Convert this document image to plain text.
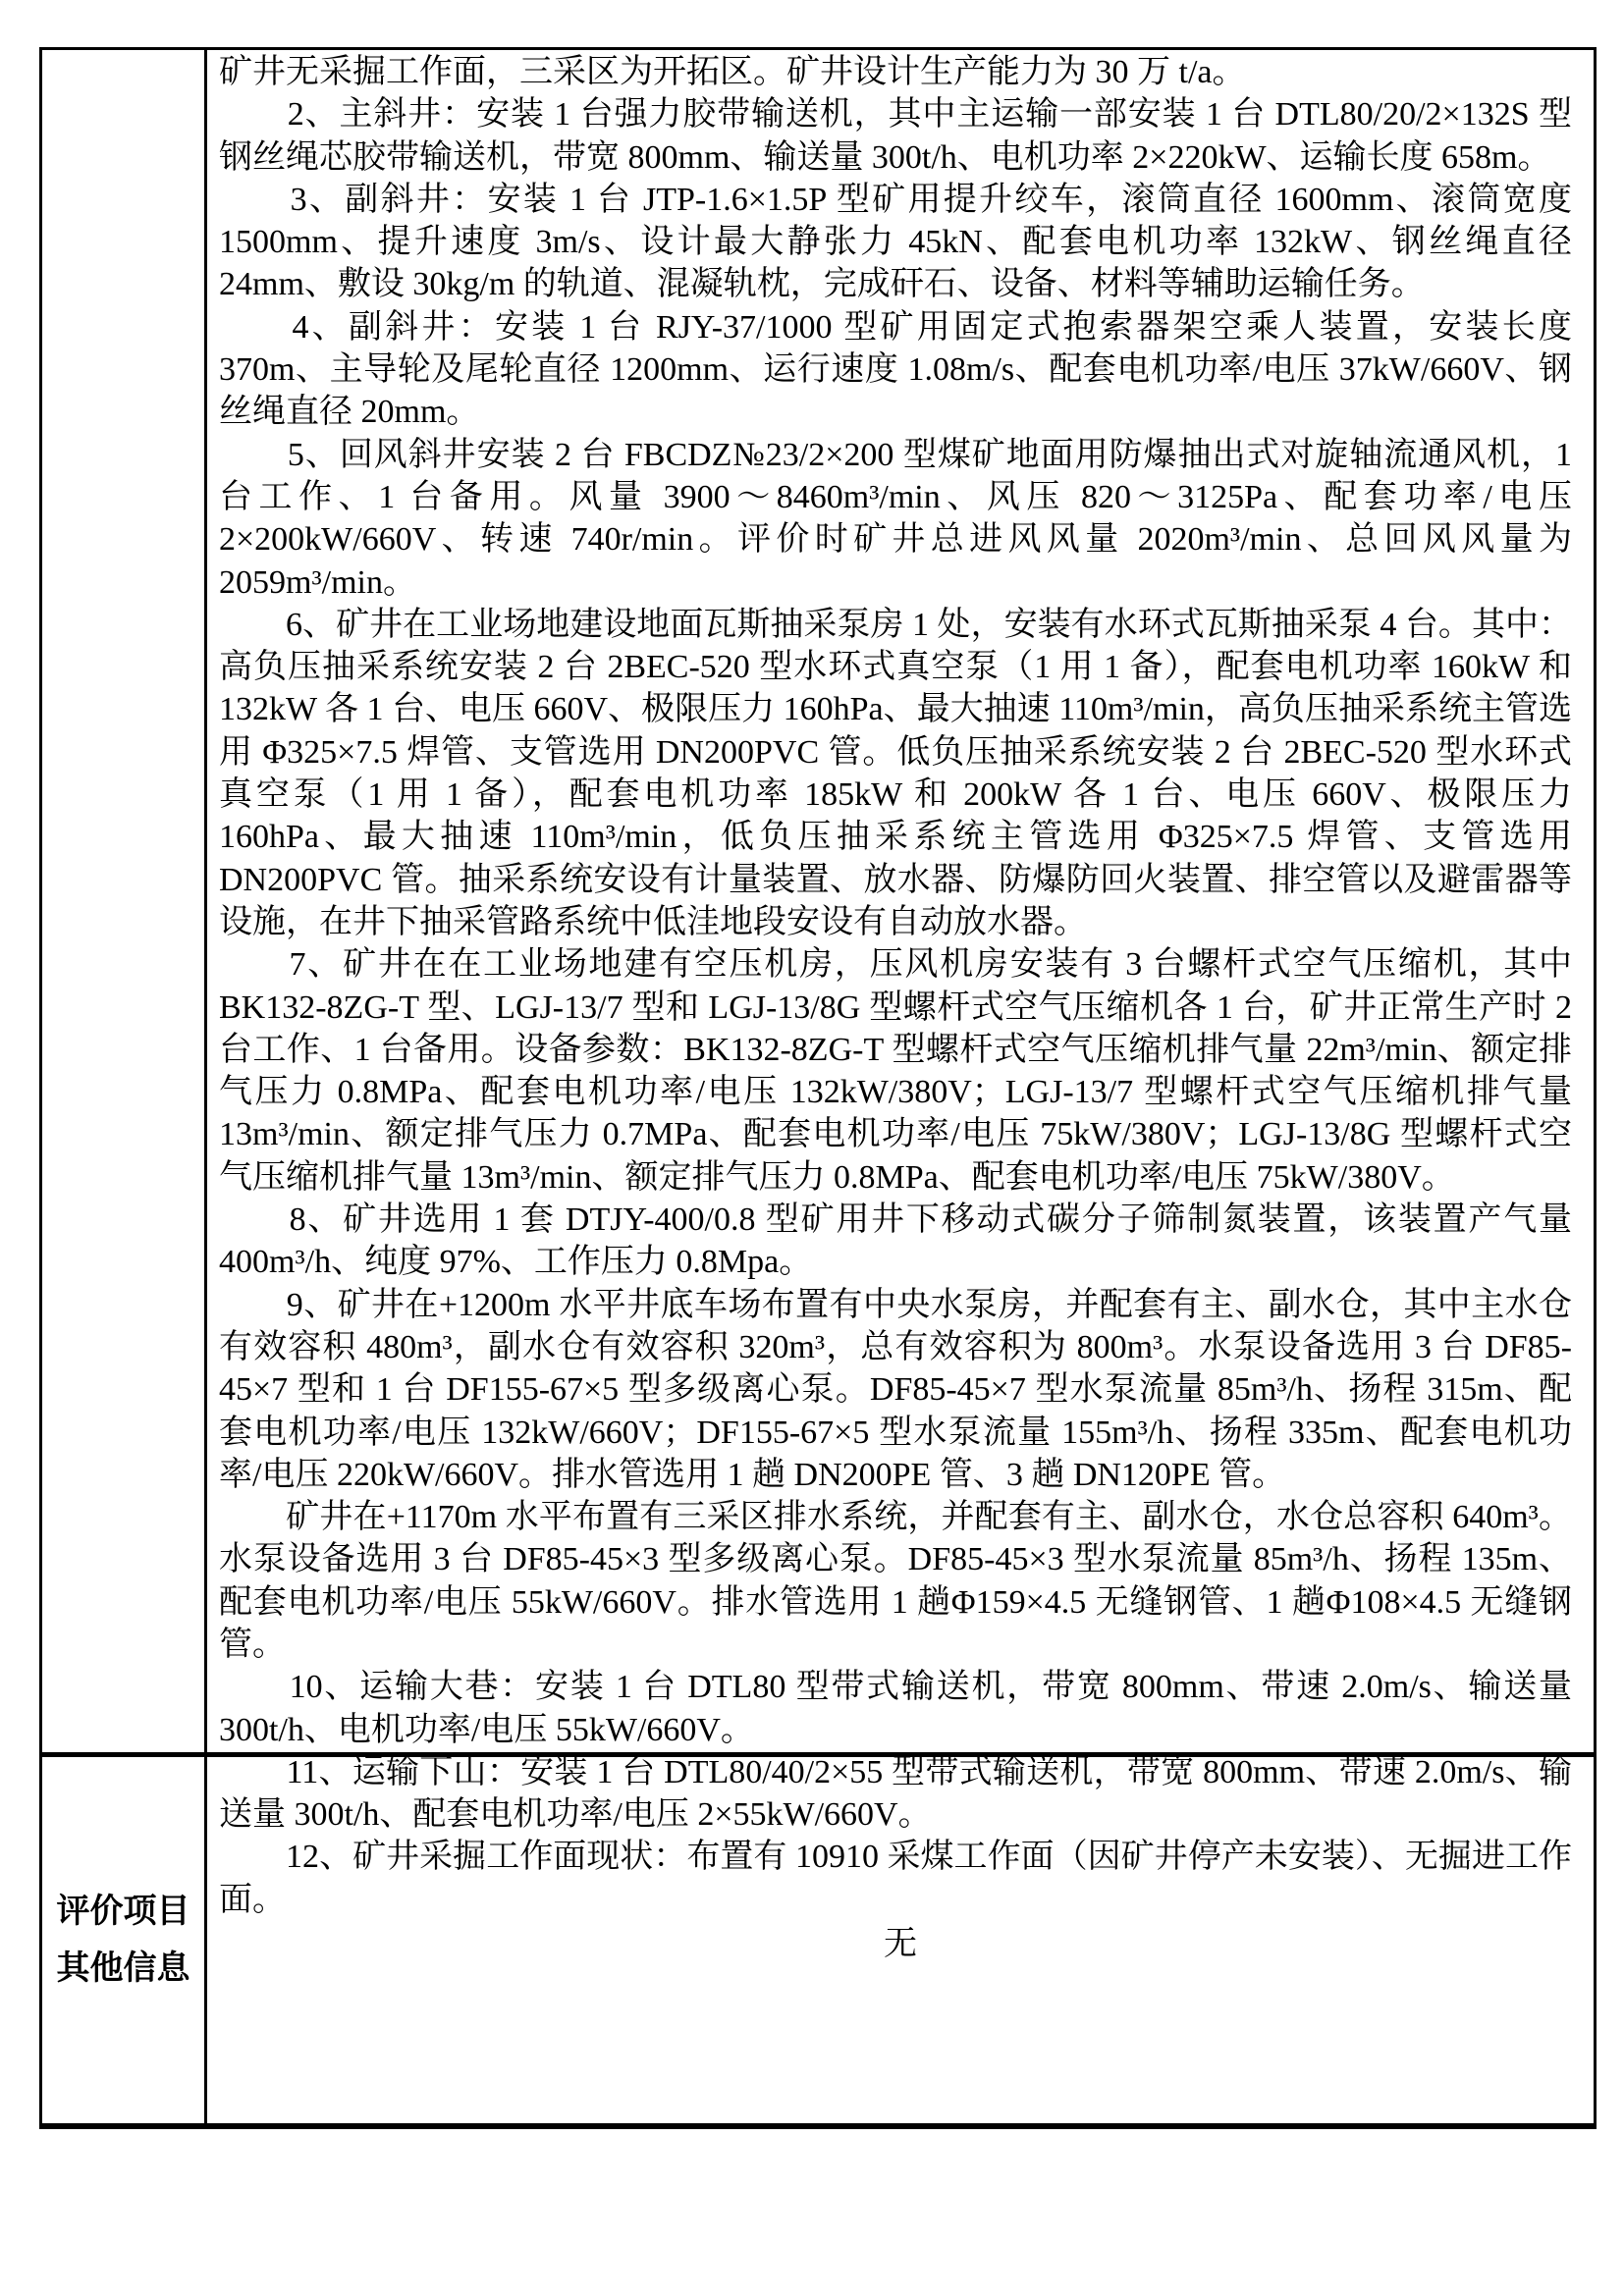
矿井无采掘工作面，三采区为开拓区。矿井设计生产能力为 30 万 t/a。

　　2、主斜井：安装 1 台强力胶带输送机，其中主运输一部安装 1 台 DTL80/20/2×132S 型钢丝绳芯胶带输送机，带宽 800mm、输送量 300t/h、电机功率 2×220kW、运输长度 658m。

　　3、副斜井：安装 1 台 JTP-1.6×1.5P 型矿用提升绞车，滚筒直径 1600mm、滚筒宽度 1500mm、提升速度 3m/s、设计最大静张力 45kN、配套电机功率 132kW、钢丝绳直径 24mm、敷设 30kg/m 的轨道、混凝轨枕，完成矸石、设备、材料等辅助运输任务。

　　4、副斜井：安装 1 台 RJY-37/1000 型矿用固定式抱索器架空乘人装置，安装长度 370m、主导轮及尾轮直径 1200mm、运行速度 1.08m/s、配套电机功率/电压 37kW/660V、钢丝绳直径 20mm。

　　5、回风斜井安装 2 台 FBCDZ№23/2×200 型煤矿地面用防爆抽出式对旋轴流通风机，1 台工作、1 台备用。风量 3900～8460m³/min、风压 820～3125Pa、配套功率/电压 2×200kW/660V、转速 740r/min。评价时矿井总进风风量 2020m³/min、总回风风量为 2059m³/min。

　　6、矿井在工业场地建设地面瓦斯抽采泵房 1 处，安装有水环式瓦斯抽采泵 4 台。其中：高负压抽采系统安装 2 台 2BEC-520 型水环式真空泵（1 用 1 备），配套电机功率 160kW 和 132kW 各 1 台、电压 660V、极限压力 160hPa、最大抽速 110m³/min，高负压抽采系统主管选用 Φ325×7.5 焊管、支管选用 DN200PVC 管。低负压抽采系统安装 2 台 2BEC-520 型水环式真空泵（1 用 1 备），配套电机功率 185kW 和 200kW 各 1 台、电压 660V、极限压力 160hPa、最大抽速 110m³/min，低负压抽采系统主管选用 Φ325×7.5 焊管、支管选用 DN200PVC 管。抽采系统安设有计量装置、放水器、防爆防回火装置、排空管以及避雷器等设施，在井下抽采管路系统中低洼地段安设有自动放水器。

　　7、矿井在在工业场地建有空压机房，压风机房安装有 3 台螺杆式空气压缩机，其中 BK132-8ZG-T 型、LGJ-13/7 型和 LGJ-13/8G 型螺杆式空气压缩机各 1 台，矿井正常生产时 2 台工作、1 台备用。设备参数：BK132-8ZG-T 型螺杆式空气压缩机排气量 22m³/min、额定排气压力 0.8MPa、配套电机功率/电压 132kW/380V；LGJ-13/7 型螺杆式空气压缩机排气量 13m³/min、额定排气压力 0.7MPa、配套电机功率/电压 75kW/380V；LGJ-13/8G 型螺杆式空气压缩机排气量 13m³/min、额定排气压力 0.8MPa、配套电机功率/电压 75kW/380V。

　　8、矿井选用 1 套 DTJY-400/0.8 型矿用井下移动式碳分子筛制氮装置，该装置产气量 400m³/h、纯度 97%、工作压力 0.8Mpa。

　　9、矿井在+1200m 水平井底车场布置有中央水泵房，并配套有主、副水仓，其中主水仓有效容积 480m³，副水仓有效容积 320m³，总有效容积为 800m³。水泵设备选用 3 台 DF85-45×7 型和 1 台 DF155-67×5 型多级离心泵。DF85-45×7 型水泵流量 85m³/h、扬程 315m、配套电机功率/电压 132kW/660V；DF155-67×5 型水泵流量 155m³/h、扬程 335m、配套电机功率/电压 220kW/660V。排水管选用 1 趟 DN200PE 管、3 趟 DN120PE 管。

　　矿井在+1170m 水平布置有三采区排水系统，并配套有主、副水仓，水仓总容积 640m³。水泵设备选用 3 台 DF85-45×3 型多级离心泵。DF85-45×3 型水泵流量 85m³/h、扬程 135m、配套电机功率/电压 55kW/660V。排水管选用 1 趟Φ159×4.5 无缝钢管、1 趟Φ108×4.5 无缝钢管。

　　10、运输大巷：安装 1 台 DTL80 型带式输送机，带宽 800mm、带速 2.0m/s、输送量 300t/h、电机功率/电压 55kW/660V。

　　11、运输下山：安装 1 台 DTL80/40/2×55 型带式输送机，带宽 800mm、带速 2.0m/s、输送量 300t/h、配套电机功率/电压 2×55kW/660V。

　　12、矿井采掘工作面现状：布置有 10910 采煤工作面（因矿井停产未安装）、无掘进工作面。

评价项目
其他信息
无
